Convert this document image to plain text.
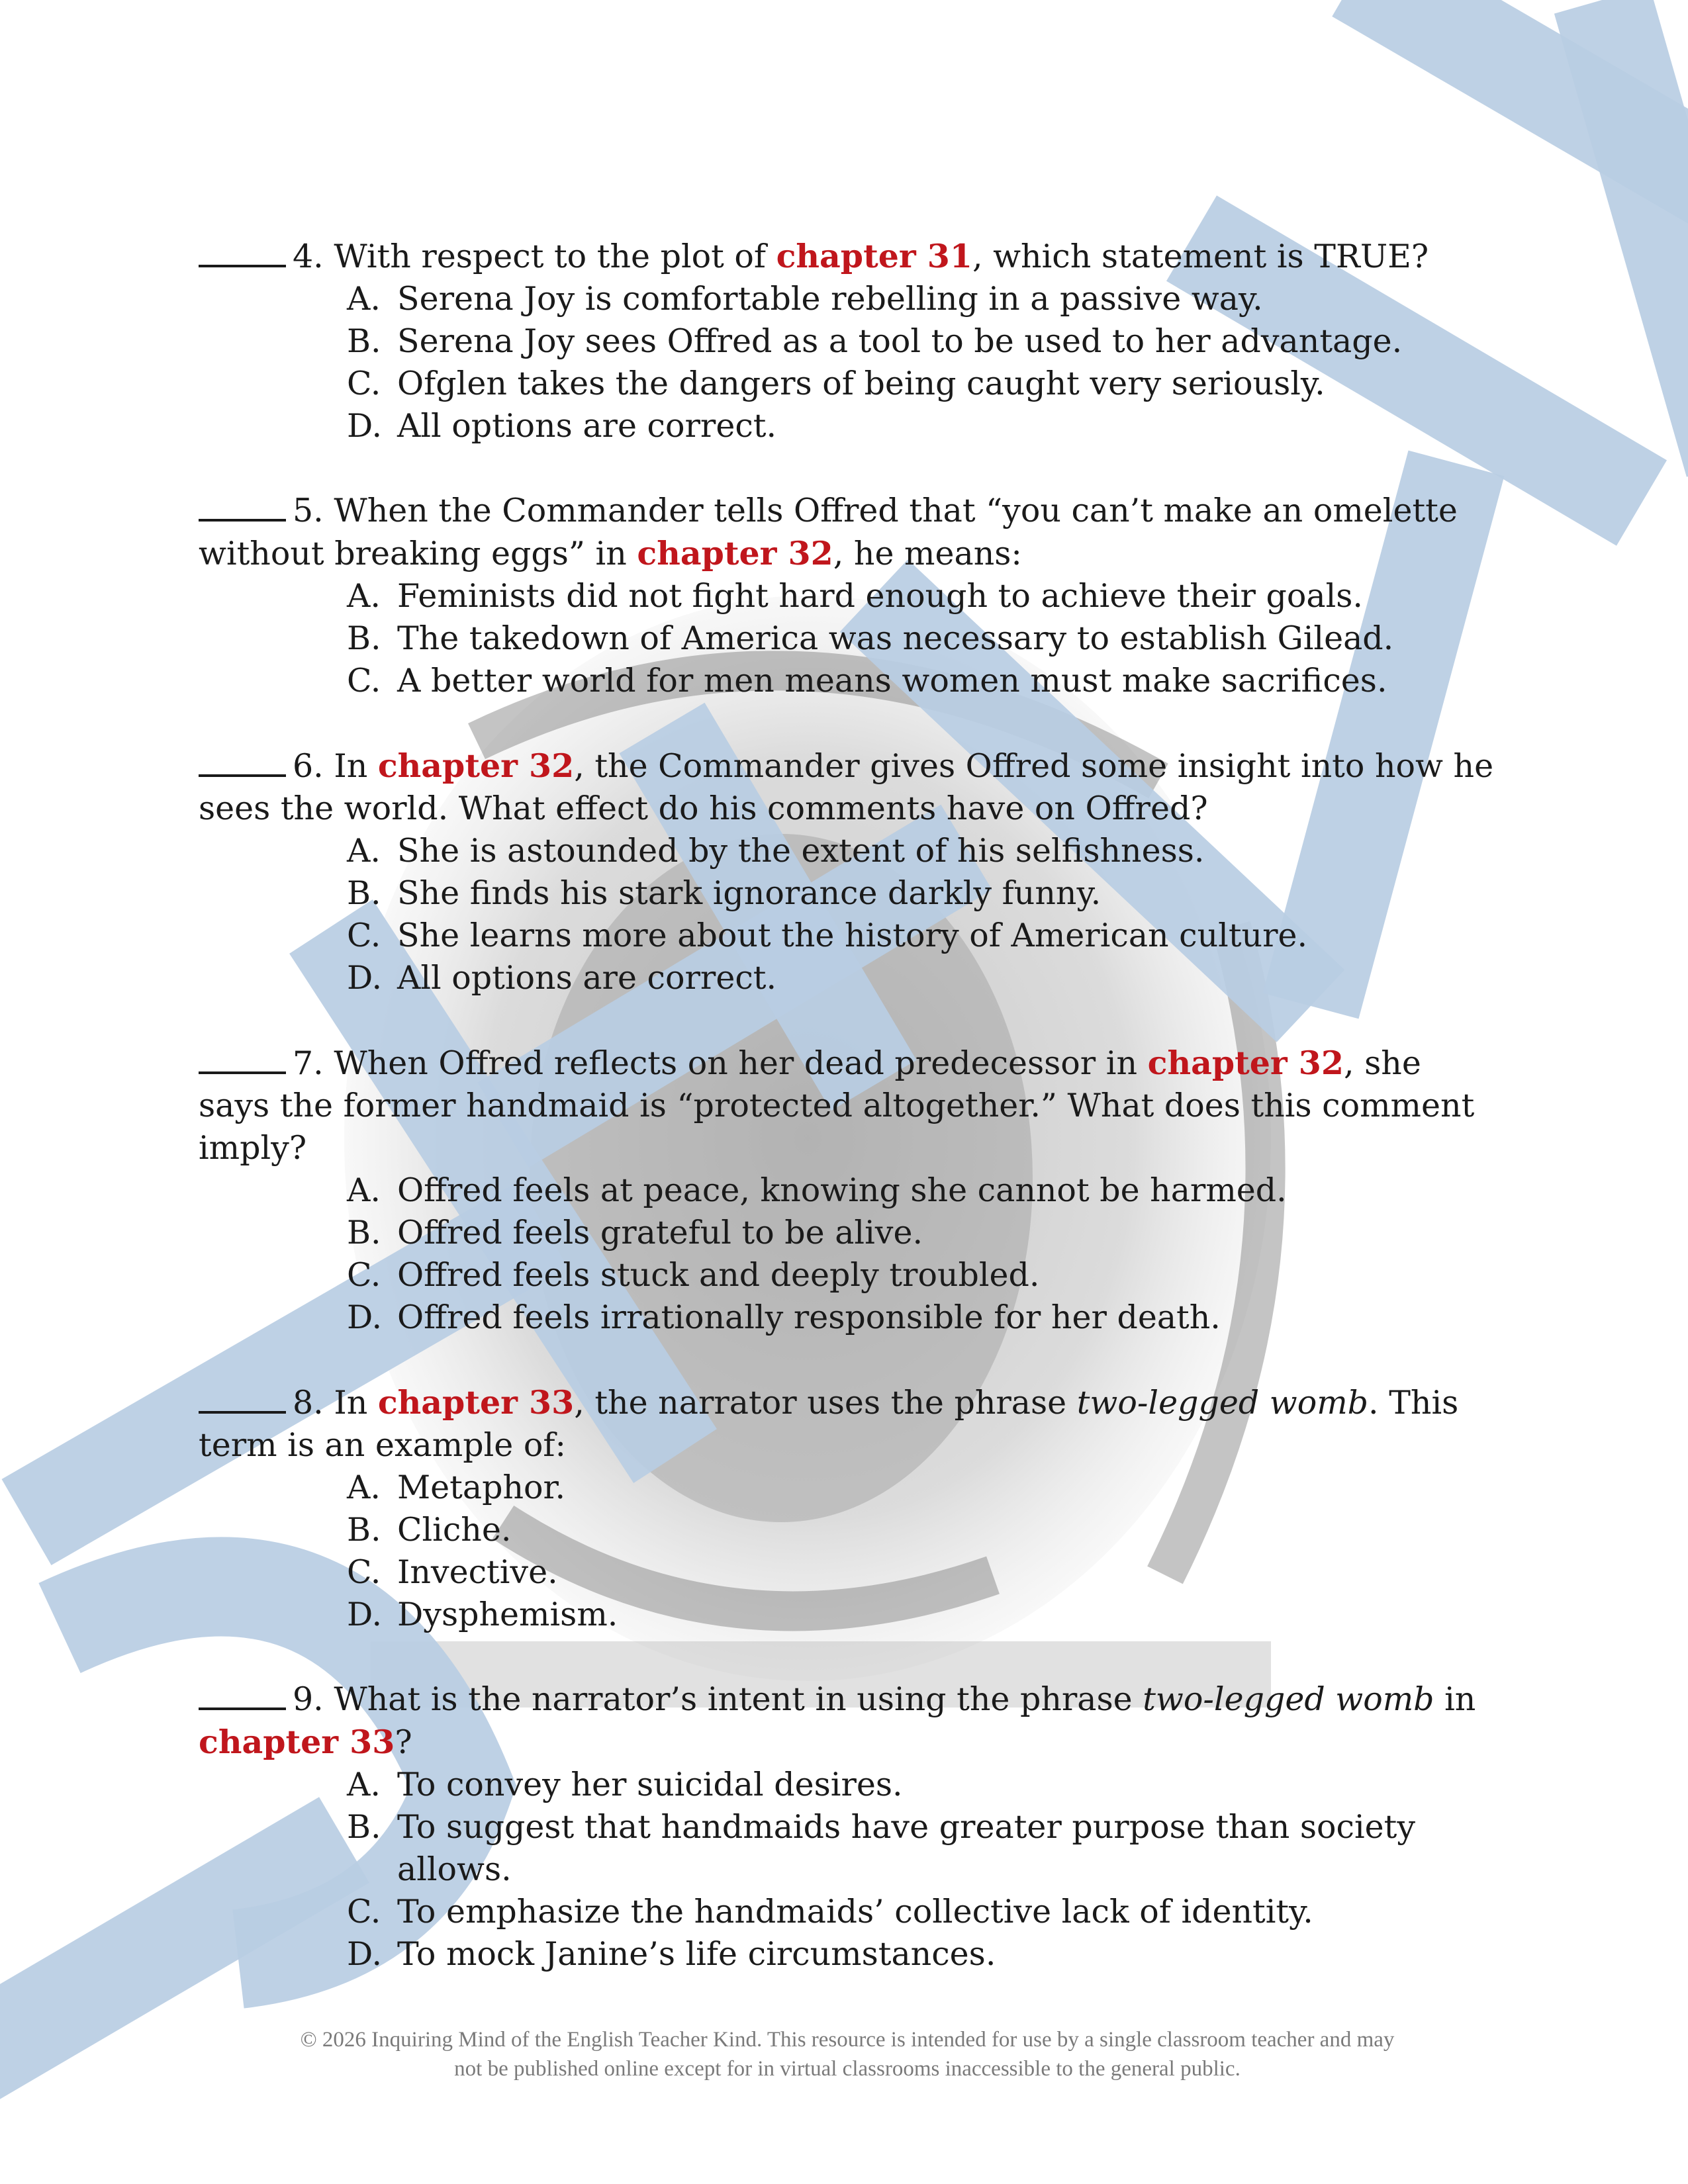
4. With respect to the plot of chapter 31, which statement is TRUE?

A. Serena Joy is comfortable rebelling in a passive way.
B. Serena Joy sees Offred as a tool to be used to her advantage.
C. Ofglen takes the dangers of being caught very seriously.
D. All options are correct.

5. When the Commander tells Offred that “you can’t make an omelette without breaking eggs” in chapter 32, he means:

A. Feminists did not fight hard enough to achieve their goals.
B. The takedown of America was necessary to establish Gilead.
C. A better world for men means women must make sacrifices.

6. In chapter 32, the Commander gives Offred some insight into how he sees the world. What effect do his comments have on Offred?

A. She is astounded by the extent of his selfishness.
B. She finds his stark ignorance darkly funny.
C. She learns more about the history of American culture.
D. All options are correct.

7. When Offred reflects on her dead predecessor in chapter 32, she says the former handmaid is “protected altogether.” What does this comment imply?

A. Offred feels at peace, knowing she cannot be harmed.
B. Offred feels grateful to be alive.
C. Offred feels stuck and deeply troubled.
D. Offred feels irrationally responsible for her death.

8. In chapter 33, the narrator uses the phrase two-legged womb. This term is an example of:

A. Metaphor.
B. Cliche.
C. Invective.
D. Dysphemism.

9. What is the narrator’s intent in using the phrase two-legged womb in chapter 33?

A. To convey her suicidal desires.
B. To suggest that handmaids have greater purpose than society allows.
C. To emphasize the handmaids’ collective lack of identity.
D. To mock Janine’s life circumstances.
© 2026 Inquiring Mind of the English Teacher Kind. This resource is intended for use by a single classroom teacher and may
not be published online except for in virtual classrooms inaccessible to the general public.
